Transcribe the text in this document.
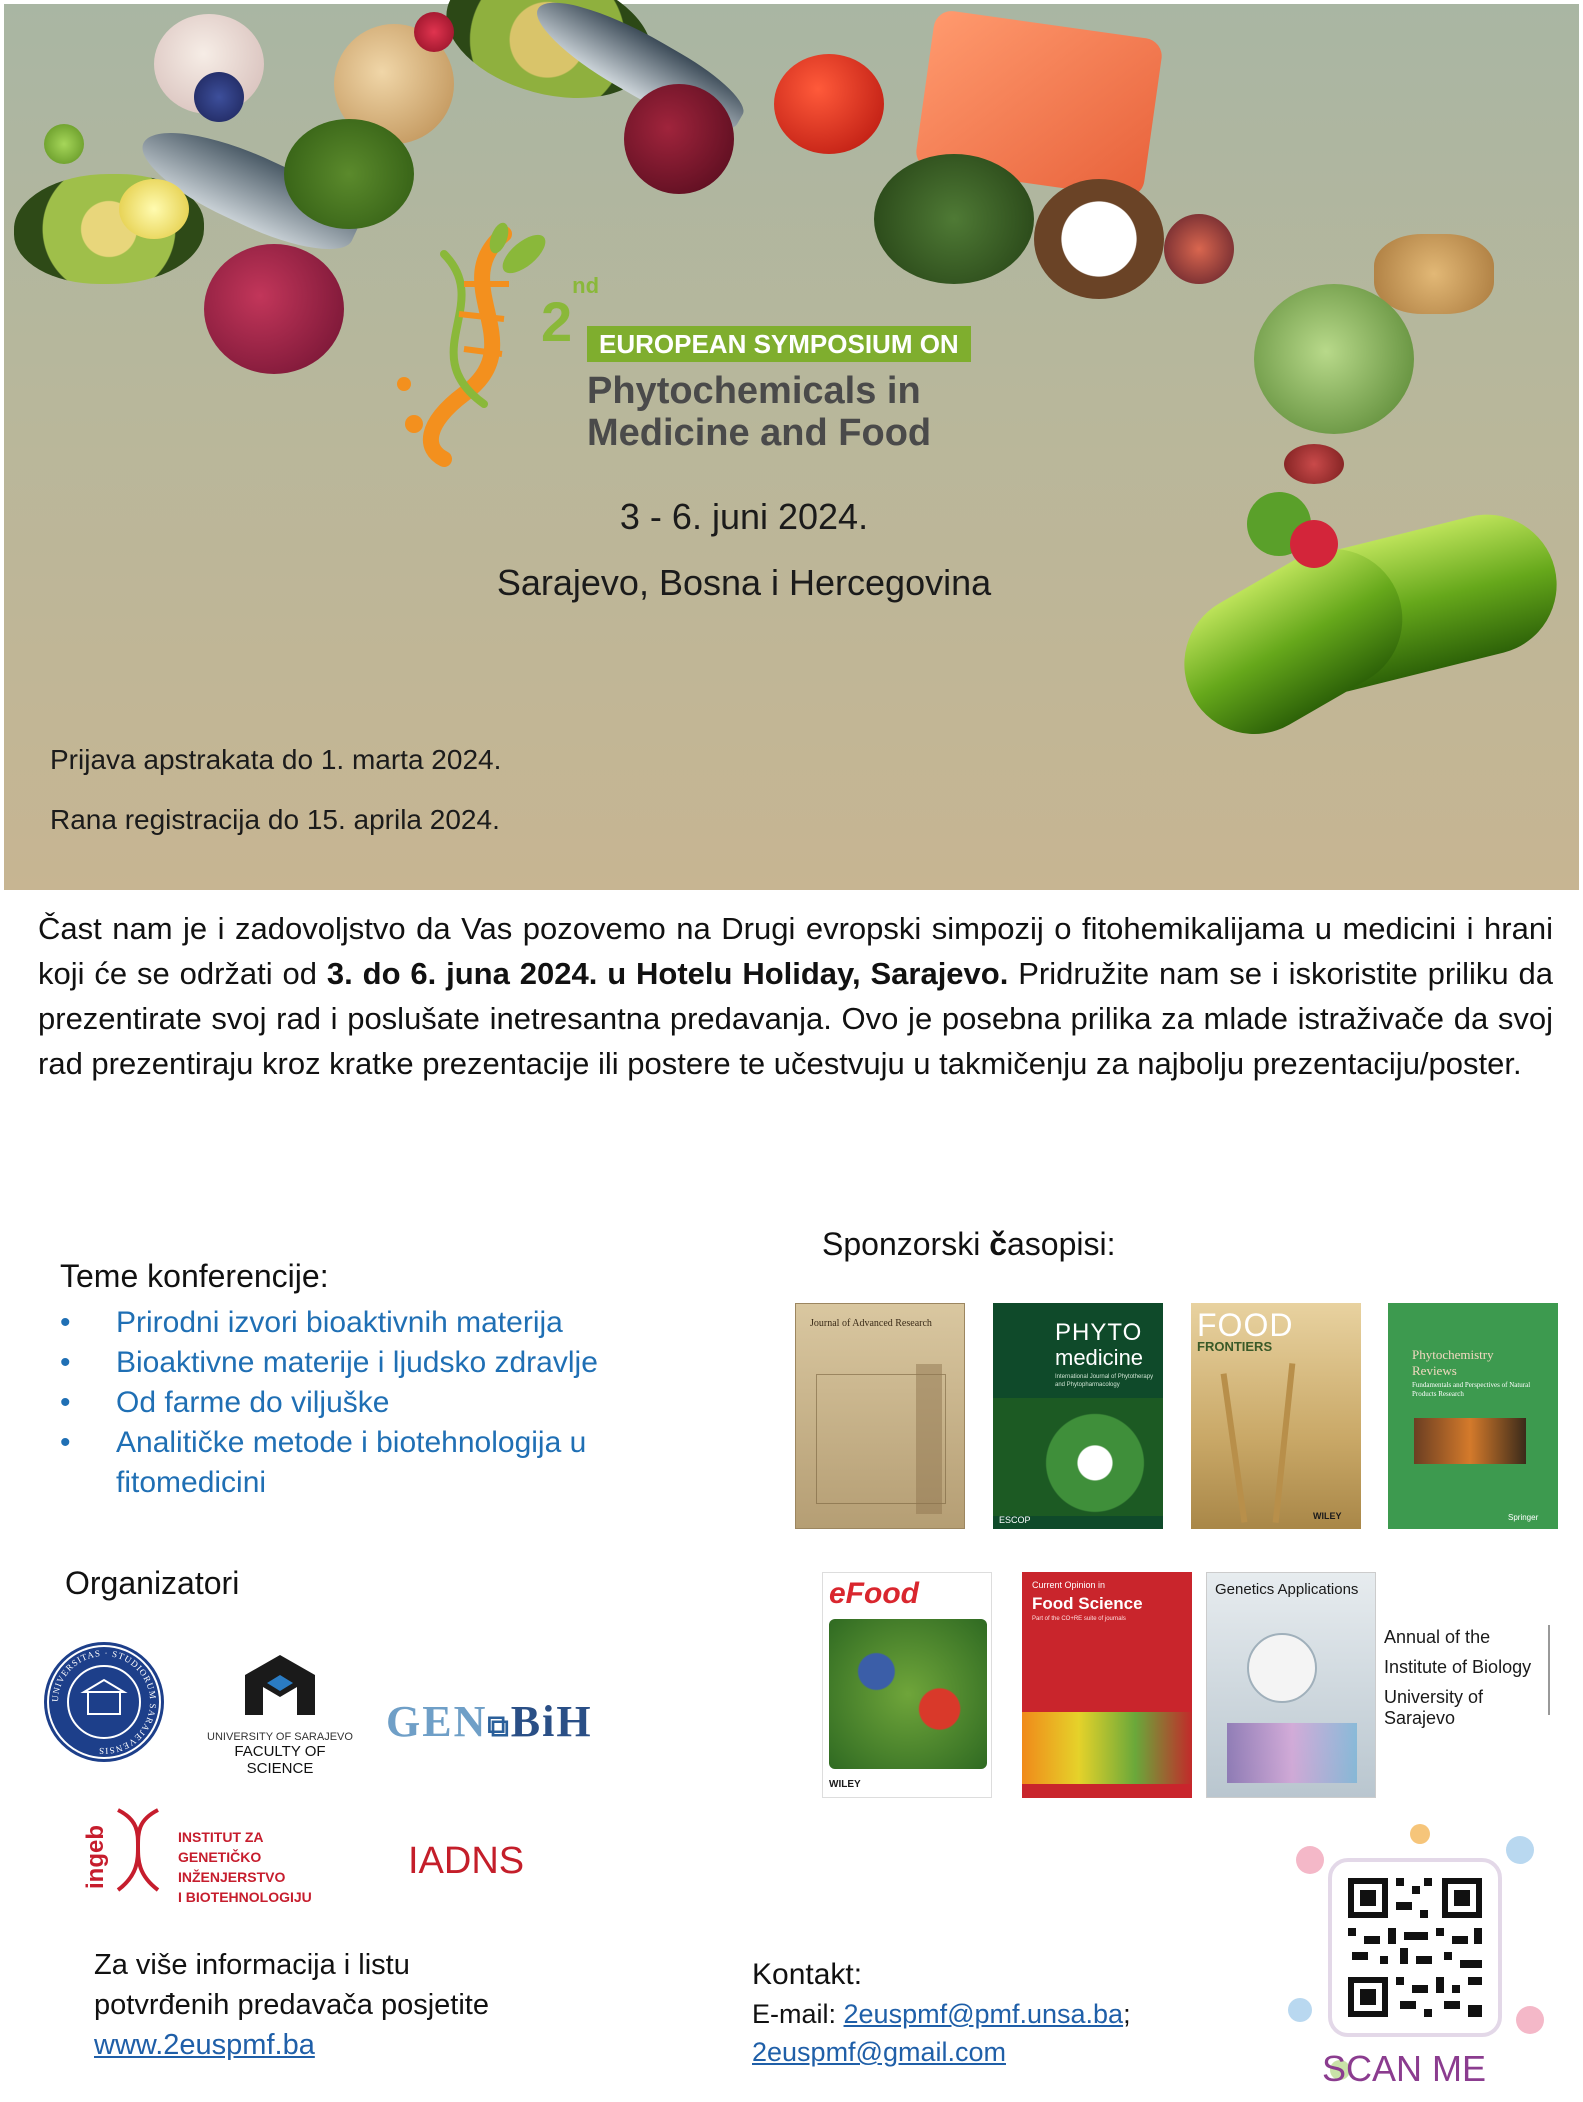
2nd
EUROPEAN SYMPOSIUM ON
Phytochemicals in
Medicine and Food
3 - 6. juni 2024.
Sarajevo, Bosna i Hercegovina
Prijava apstrakata do 1. marta 2024.
Rana registracija do 15. aprila 2024.
Čast nam je i zadovoljstvo da Vas pozovemo na Drugi evropski simpozij o fitohemikalijama u medicini i hrani koji će se održati od 3. do 6. juna 2024. u Hotelu Holiday, Sarajevo. Pridružite nam se i iskoristite priliku da prezentirate svoj rad i poslušate inetresantna predavanja. Ovo je posebna prilika za mlade istraživače da svoj rad prezentiraju kroz kratke prezentacije ili postere te učestvuju u takmičenju za najbolju prezentaciju/poster.
Teme konferencije:
• Prirodni izvori bioaktivnih materija
• Bioaktivne materije i ljudsko zdravlje
• Od farme do viljuške
• Analitičke metode i biotehnologija u fitomedicini
Organizatori
UNIVERSITAS · STUDIORUM SARAJEVENSIS
UNIVERSITY OF SARAJEVO
FACULTY OF SCIENCE
GEN⧉BiH
ingeb	INSTITUT ZA
GENETIČKO INŽENJERSTVO
I BIOTEHNOLOGIJU
IADNS
Sponzorski časopisi:
Journal of Advanced Research	PHYTO
medicine
International Journal of Phytotherapy and Phytopharmacology
ESCOP
FOOD
FRONTIERS
WILEY
Phytochemistry
Reviews
Fundamentals and Perspectives of Natural Products Research
Springer
eFood
WILEY
Current Opinion in
Food Science
Part of the CO+RE suite of journals
Genetics Applications
Annual of the
Institute of Biology
University of Sarajevo
Za više informacija i listu
potvrđenih predavača posjetite
www.2euspmf.ba
Kontakt:
E-mail: 2euspmf@pmf.unsa.ba;
2euspmf@gmail.com	SCAN ME
